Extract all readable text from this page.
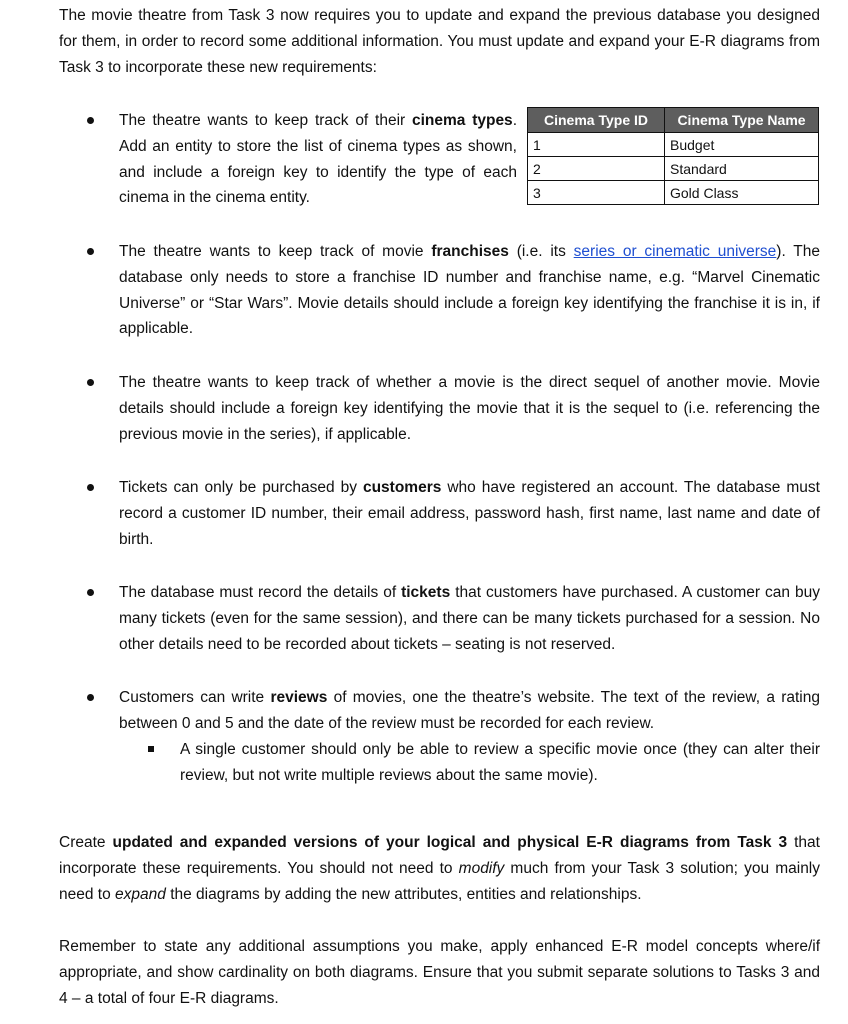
The movie theatre from Task 3 now requires you to update and expand the previous database you designed for them, in order to record some additional information. You must update and expand your E-R diagrams from Task 3 to incorporate these new requirements:

The theatre wants to keep track of their cinema types. Add an entity to store the list of cinema types as shown, and include a foreign key to identify the type of each cinema in the cinema entity.

Cinema Type ID	Cinema Type Name
1	Budget
2	Standard
3	Gold Class

The theatre wants to keep track of movie franchises (i.e. its series or cinematic universe). The database only needs to store a franchise ID number and franchise name, e.g. “Marvel Cinematic Universe” or “Star Wars”. Movie details should include a foreign key identifying the franchise it is in, if applicable.

The theatre wants to keep track of whether a movie is the direct sequel of another movie. Movie details should include a foreign key identifying the movie that it is the sequel to (i.e. referencing the previous movie in the series), if applicable.

Tickets can only be purchased by customers who have registered an account. The database must record a customer ID number, their email address, password hash, first name, last name and date of birth.

The database must record the details of tickets that customers have purchased. A customer can buy many tickets (even for the same session), and there can be many tickets purchased for a session. No other details need to be recorded about tickets – seating is not reserved.

Customers can write reviews of movies, one the theatre’s website. The text of the review, a rating between 0 and 5 and the date of the review must be recorded for each review.

A single customer should only be able to review a specific movie once (they can alter their review, but not write multiple reviews about the same movie).

Create updated and expanded versions of your logical and physical E-R diagrams from Task 3 that incorporate these requirements. You should not need to modify much from your Task 3 solution; you mainly need to expand the diagrams by adding the new attributes, entities and relationships.

Remember to state any additional assumptions you make, apply enhanced E-R model concepts where/if appropriate, and show cardinality on both diagrams. Ensure that you submit separate solutions to Tasks 3 and 4 – a total of four E-R diagrams.
